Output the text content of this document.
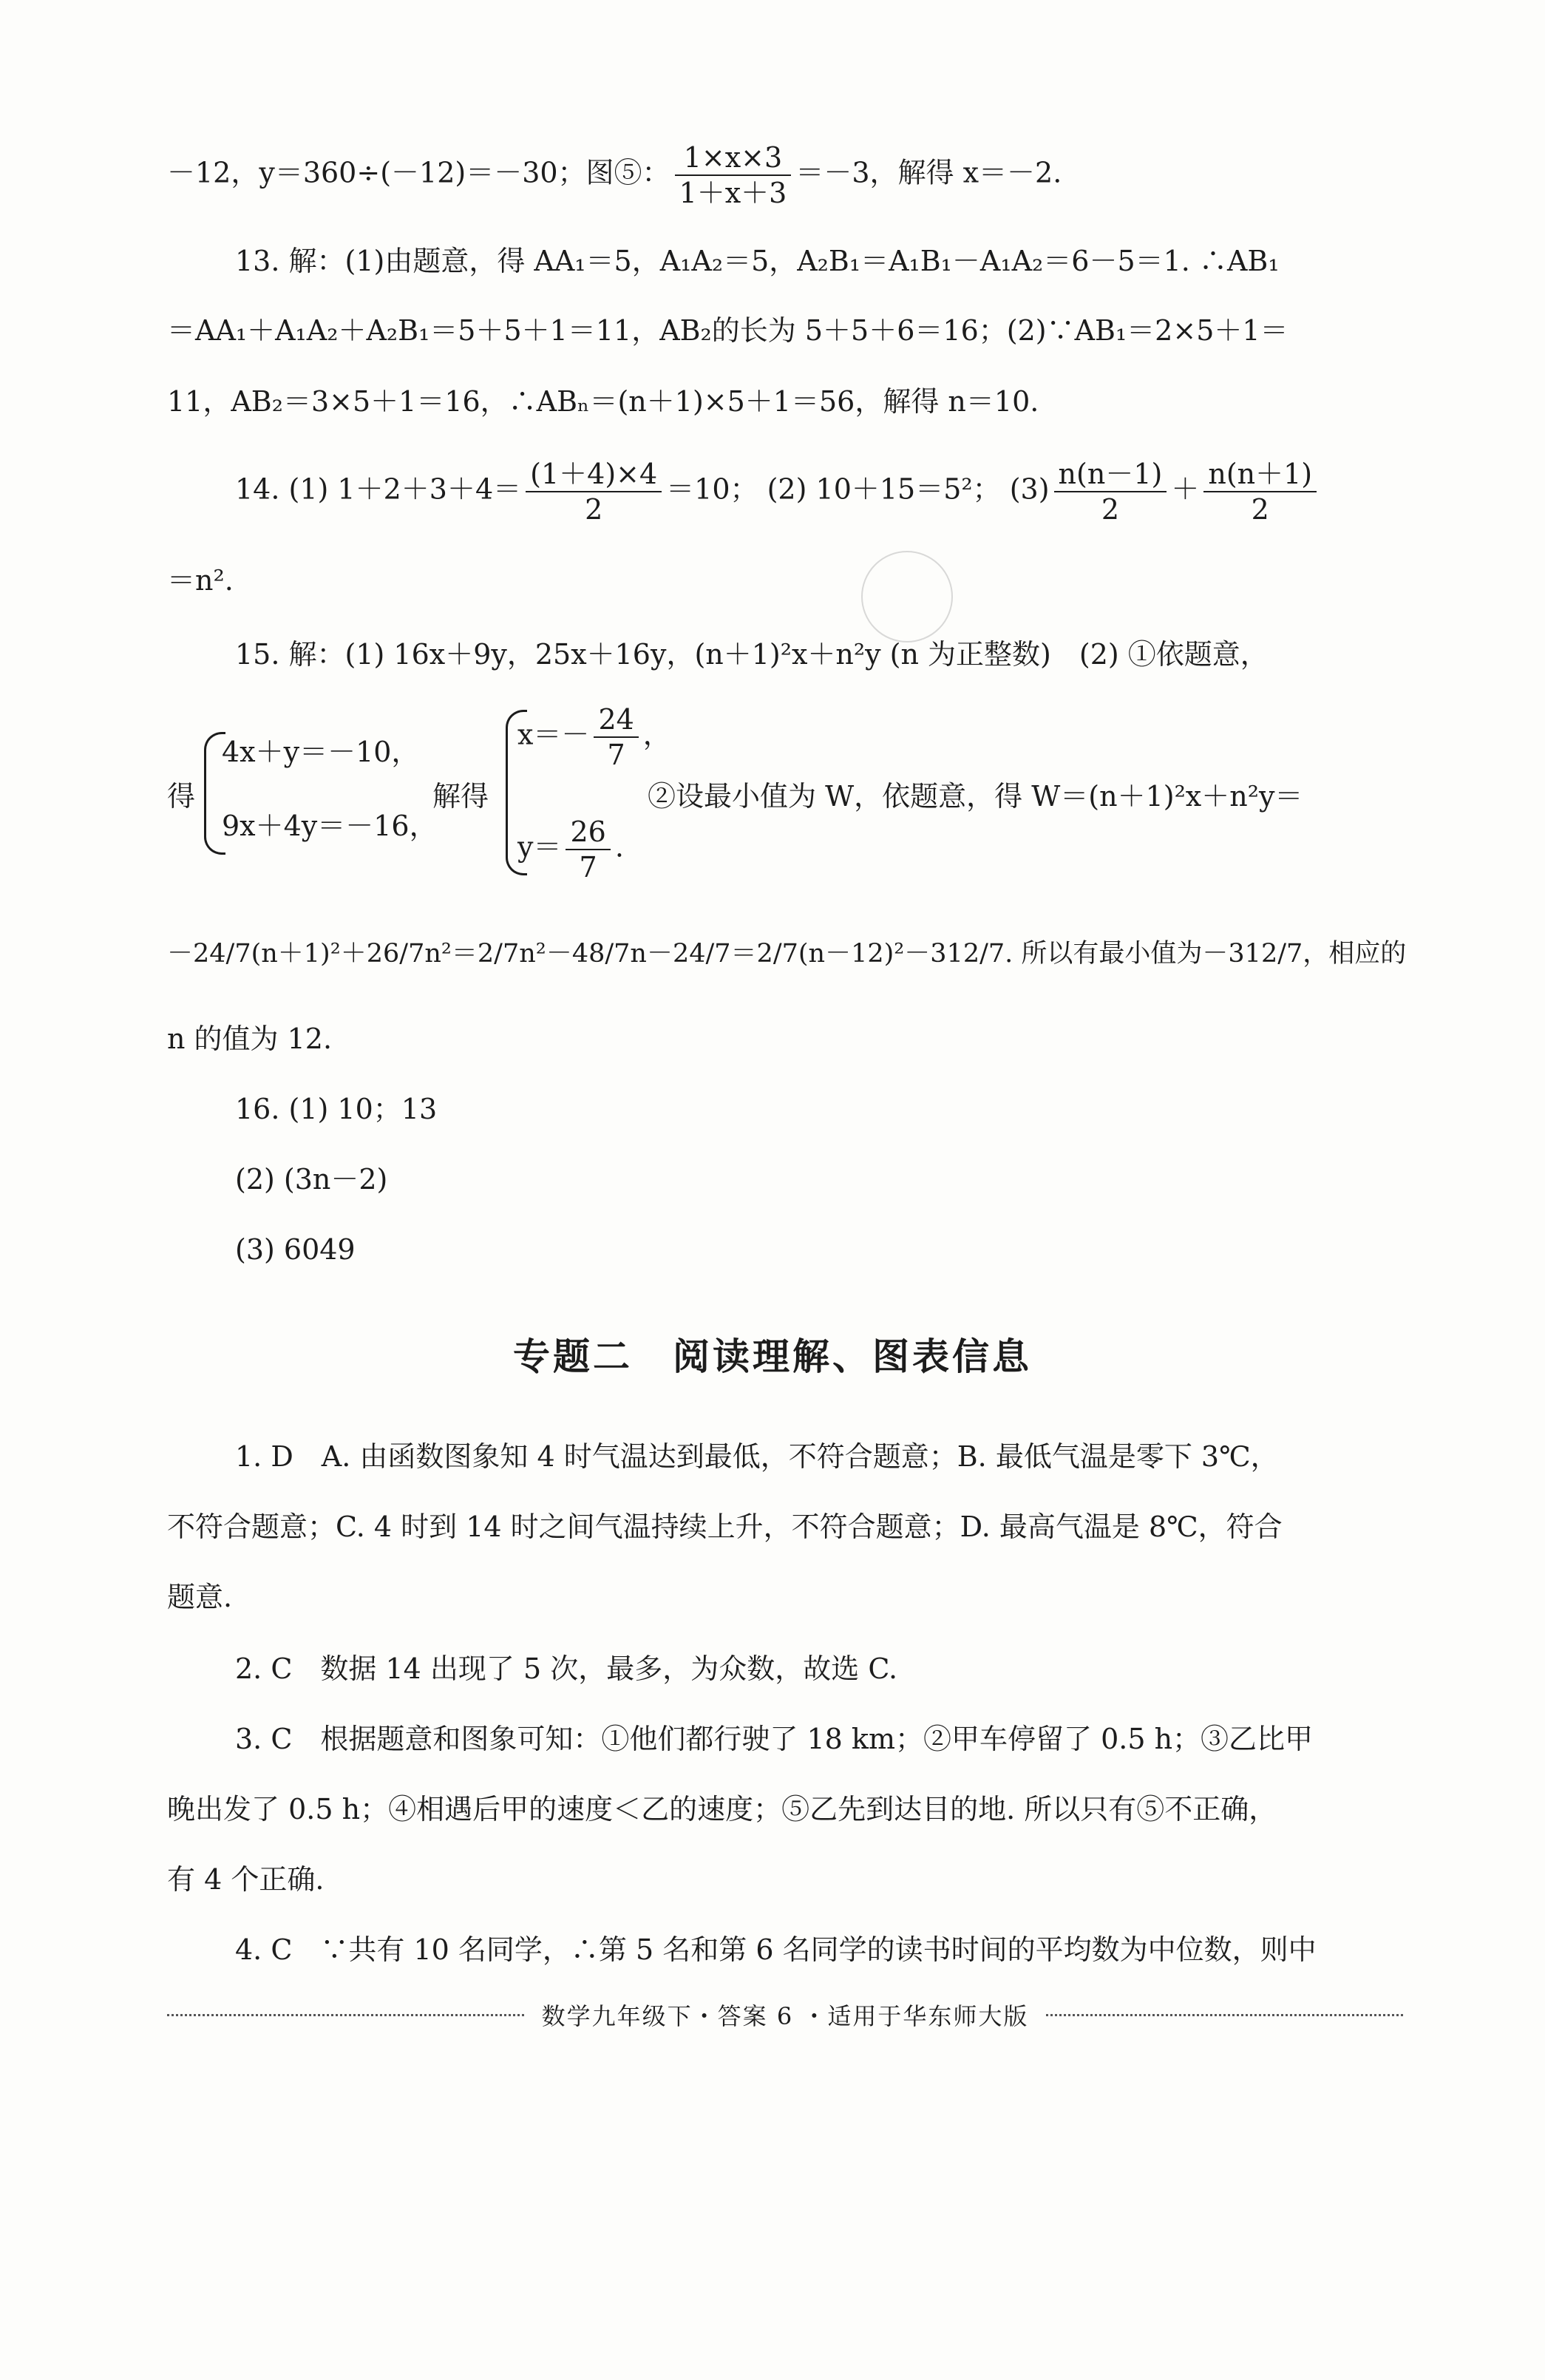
－12，y＝360÷(－12)＝－30；图⑤： $\frac{1\times x\times 3}{1+x+3} =-3$，解得 x＝－2.
13. 解：(1)由题意，得 AA₁＝5，A₁A₂＝5，A₂B₁＝A₁B₁－A₁A₂＝6－5＝1. ∴AB₁
＝AA₁＋A₁A₂＋A₂B₁＝5＋5＋1＝11，AB₂的长为 5＋5＋6＝16；(2)∵AB₁＝2×5＋1＝
11，AB₂＝3×5＋1＝16，∴ABₙ＝(n＋1)×5＋1＝56，解得 n＝10.
14. (1) $1+2+3+4= \frac{(1+4)\times 4}{2} =10$； (2) 10＋15＝5²； $(3) \frac{n(n-1)}{2} + \frac{n(n+1)}{2}$
＝n².
15. 解：(1) 16x＋9y，25x＋16y，(n＋1)²x＋n²y (n 为正整数)　(2) ①依题意，
得
4x＋y＝－10，
9x＋4y＝－16，
解得
$x=- \frac{24}{7}$ ，
$y= \frac{26}{7}$ .
②设最小值为 W，依题意，得 W＝(n＋1)²x＋n²y＝
－24/7(n＋1)²＋26/7n²＝2/7n²－48/7n－24/7＝2/7(n－12)²－312/7. 所以有最小值为－312/7，相应的
n 的值为 12.
16. (1) 10；13
(2) (3n－2)
(3) 6049
专题二　阅读理解、图表信息
1. D　A. 由函数图象知 4 时气温达到最低，不符合题意；B. 最低气温是零下 3℃，
不符合题意；C. 4 时到 14 时之间气温持续上升，不符合题意；D. 最高气温是 8℃，符合
题意.
2. C　数据 14 出现了 5 次，最多，为众数，故选 C.
3. C　根据题意和图象可知：①他们都行驶了 18 km；②甲车停留了 0.5 h；③乙比甲
晚出发了 0.5 h；④相遇后甲的速度＜乙的速度；⑤乙先到达目的地. 所以只有⑤不正确，
有 4 个正确.
4. C　∵共有 10 名同学，∴第 5 名和第 6 名同学的读书时间的平均数为中位数，则中
数学九年级下・答案 6 ・适用于华东师大版
